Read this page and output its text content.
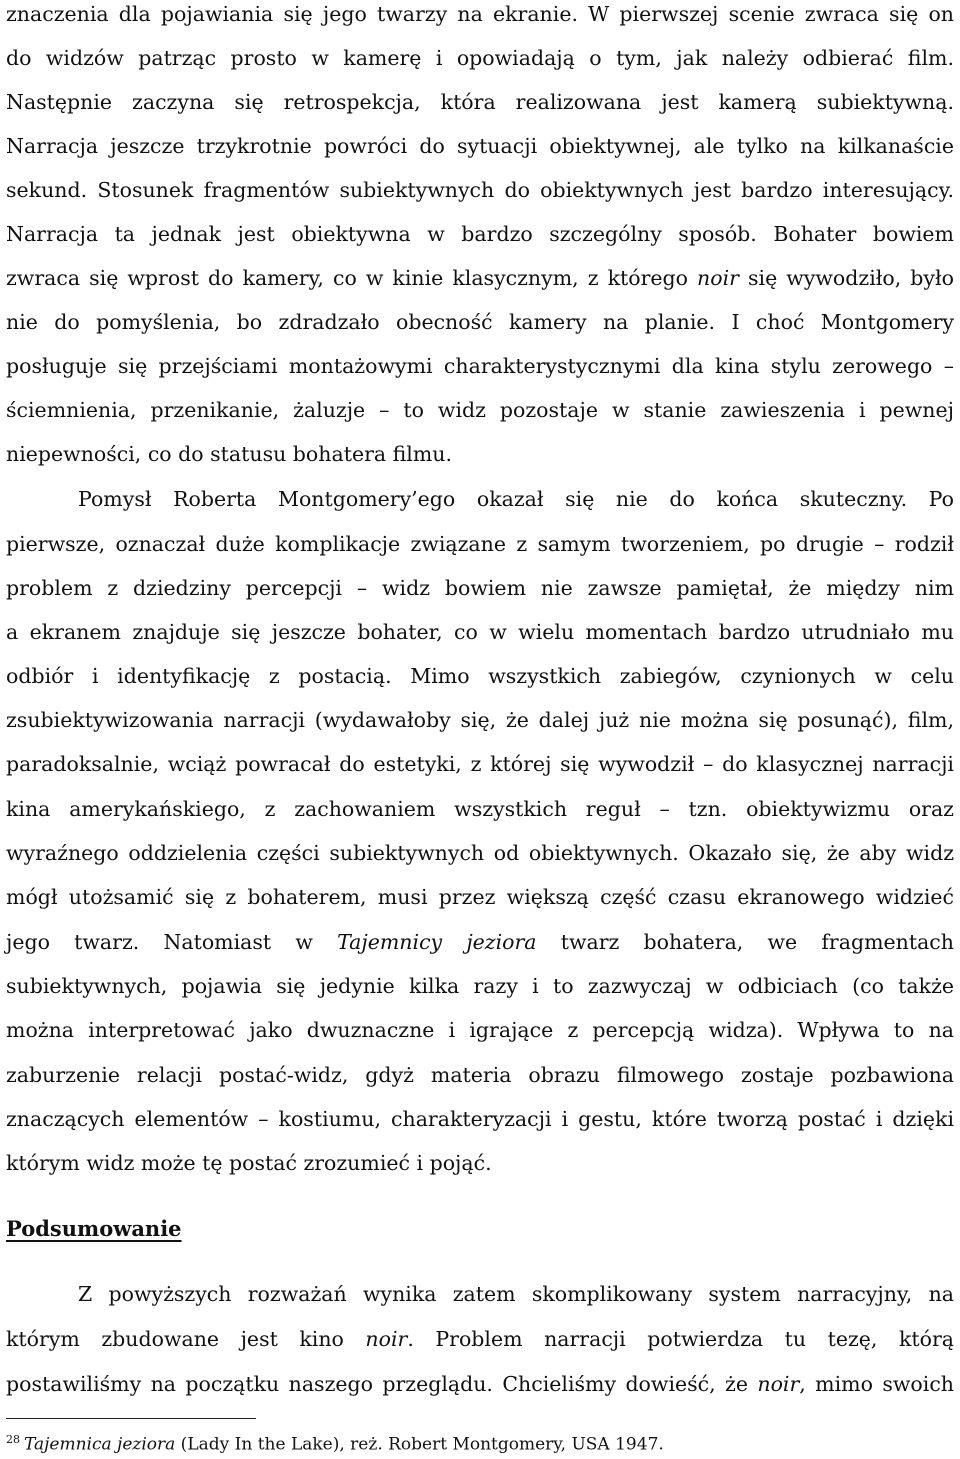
znaczenia dla pojawiania się jego twarzy na ekranie. W pierwszej scenie zwraca się on
do widzów patrząc prosto w kamerę i opowiadają o tym, jak należy odbierać film.
Następnie zaczyna się retrospekcja, która realizowana jest kamerą subiektywną.
Narracja jeszcze trzykrotnie powróci do sytuacji obiektywnej, ale tylko na kilkanaście
sekund. Stosunek fragmentów subiektywnych do obiektywnych jest bardzo interesujący.
Narracja ta jednak jest obiektywna w bardzo szczególny sposób. Bohater bowiem
zwraca się wprost do kamery, co w kinie klasycznym, z którego noir się wywodziło, było
nie do pomyślenia, bo zdradzało obecność kamery na planie. I choć Montgomery
posługuje się przejściami montażowymi charakterystycznymi dla kina stylu zerowego –
ściemnienia, przenikanie, żaluzje – to widz pozostaje w stanie zawieszenia i pewnej
niepewności, co do statusu bohatera filmu.
Pomysł Roberta Montgomery’ego okazał się nie do końca skuteczny. Po
pierwsze, oznaczał duże komplikacje związane z samym tworzeniem, po drugie – rodził
problem z dziedziny percepcji – widz bowiem nie zawsze pamiętał, że między nim
a ekranem znajduje się jeszcze bohater, co w wielu momentach bardzo utrudniało mu
odbiór i identyfikację z postacią. Mimo wszystkich zabiegów, czynionych w celu
zsubiektywizowania narracji (wydawałoby się, że dalej już nie można się posunąć), film,
paradoksalnie, wciąż powracał do estetyki, z której się wywodził – do klasycznej narracji
kina amerykańskiego, z zachowaniem wszystkich reguł – tzn. obiektywizmu oraz
wyraźnego oddzielenia części subiektywnych od obiektywnych. Okazało się, że aby widz
mógł utożsamić się z bohaterem, musi przez większą część czasu ekranowego widzieć
jego twarz. Natomiast w Tajemnicy jeziora twarz bohatera, we fragmentach
subiektywnych, pojawia się jedynie kilka razy i to zazwyczaj w odbiciach (co także
można interpretować jako dwuznaczne i igrające z percepcją widza). Wpływa to na
zaburzenie relacji postać-widz, gdyż materia obrazu filmowego zostaje pozbawiona
znaczących elementów – kostiumu, charakteryzacji i gestu, które tworzą postać i dzięki
którym widz może tę postać zrozumieć i pojąć.
Podsumowanie
Z powyższych rozważań wynika zatem skomplikowany system narracyjny, na
którym zbudowane jest kino noir. Problem narracji potwierdza tu tezę, którą
postawiliśmy na początku naszego przeglądu. Chcieliśmy dowieść, że noir, mimo swoich
$^{28}$ Tajemnica jeziora (Lady In the Lake), reż. Robert Montgomery, USA 1947.
